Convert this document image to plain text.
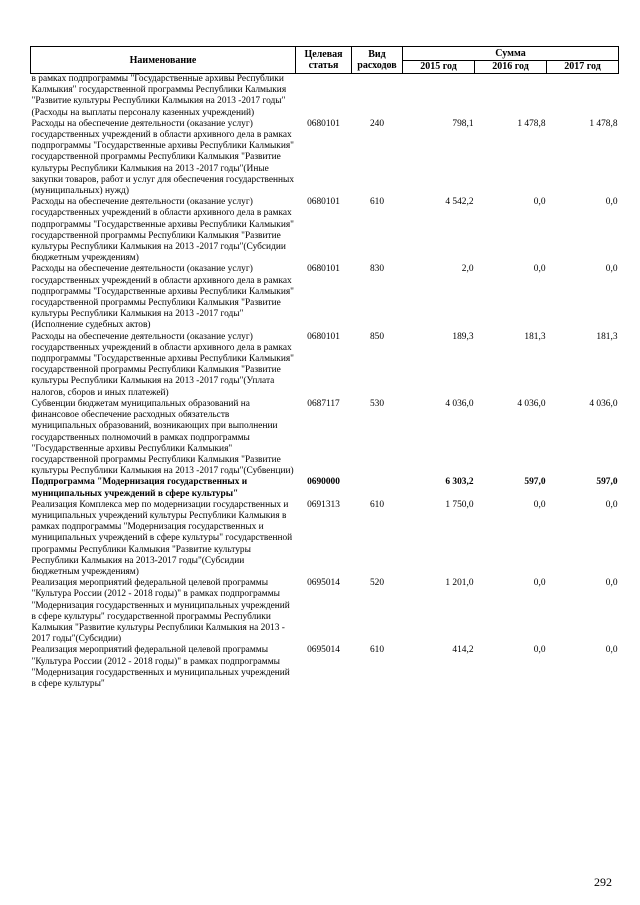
Наименование	Целевая статья	Вид расходов	Сумма		
			2015 год	2016 год	2017 год
в рамках подпрограммы "Государственные архивы Республики Калмыкия" государственной программы Республики Калмыкия "Развитие культуры Республики Калмыкия на 2013 -2017 годы"(Расходы на выплаты персоналу казенных учреждений)					
Расходы на обеспечение деятельности (оказание услуг) государственных учреждений в области архивного дела в рамках подпрограммы "Государственные архивы Республики Калмыкия" государственной программы Республики Калмыкия "Развитие культуры Республики Калмыкия на 2013 -2017 годы"(Иные закупки товаров, работ и услуг для обеспечения государственных (муниципальных) нужд)	0680101	240	798,1	1 478,8	1 478,8
Расходы на обеспечение деятельности (оказание услуг) государственных учреждений в области архивного дела в рамках подпрограммы "Государственные архивы Республики Калмыкия" государственной программы Республики Калмыкия "Развитие культуры Республики Калмыкия на 2013 -2017 годы"(Субсидии бюджетным учреждениям)	0680101	610	4 542,2	0,0	0,0
Расходы на обеспечение деятельности (оказание услуг) государственных учреждений в области архивного дела в рамках подпрограммы "Государственные архивы Республики Калмыкия" государственной программы Республики Калмыкия "Развитие культуры Республики Калмыкия на 2013 -2017 годы"(Исполнение судебных актов)	0680101	830	2,0	0,0	0,0
Расходы на обеспечение деятельности (оказание услуг) государственных учреждений в области архивного дела в рамках подпрограммы "Государственные архивы Республики Калмыкия" государственной программы Республики Калмыкия "Развитие культуры Республики Калмыкия на 2013 -2017 годы"(Уплата налогов, сборов и иных платежей)	0680101	850	189,3	181,3	181,3
Субвенции бюджетам муниципальных образований на финансовое обеспечение расходных обязательств муниципальных образований, возникающих при выполнении государственных полномочий в рамках подпрограммы "Государственные архивы Республики Калмыкия" государственной программы Республики Калмыкия "Развитие культуры Республики Калмыкия на 2013 -2017 годы"(Субвенции)	0687117	530	4 036,0	4 036,0	4 036,0
Подпрограмма "Модернизация государственных и муниципальных учреждений в сфере культуры"	0690000		6 303,2	597,0	597,0
Реализация Комплекса мер по модернизации государственных и муниципальных учреждений культуры Республики Калмыкия в рамках подпрограммы "Модернизация государственных и муниципальных учреждений в сфере культуры" государственной программы Республики Калмыкия "Развитие культуры Республики Калмыкия на 2013-2017 годы"(Субсидии бюджетным учреждениям)	0691313	610	1 750,0	0,0	0,0
Реализация мероприятий федеральной целевой программы "Культура России (2012 - 2018 годы)" в рамках подпрограммы "Модернизация государственных и муниципальных учреждений в сфере культуры" государственной программы Республики Калмыкия "Развитие культуры Республики Калмыкия на 2013 - 2017 годы"(Субсидии)	0695014	520	1 201,0	0,0	0,0
Реализация мероприятий федеральной целевой программы "Культура России (2012 - 2018 годы)" в рамках подпрограммы "Модернизация государственных и муниципальных учреждений в сфере культуры"	0695014	610	414,2	0,0	0,0
292
